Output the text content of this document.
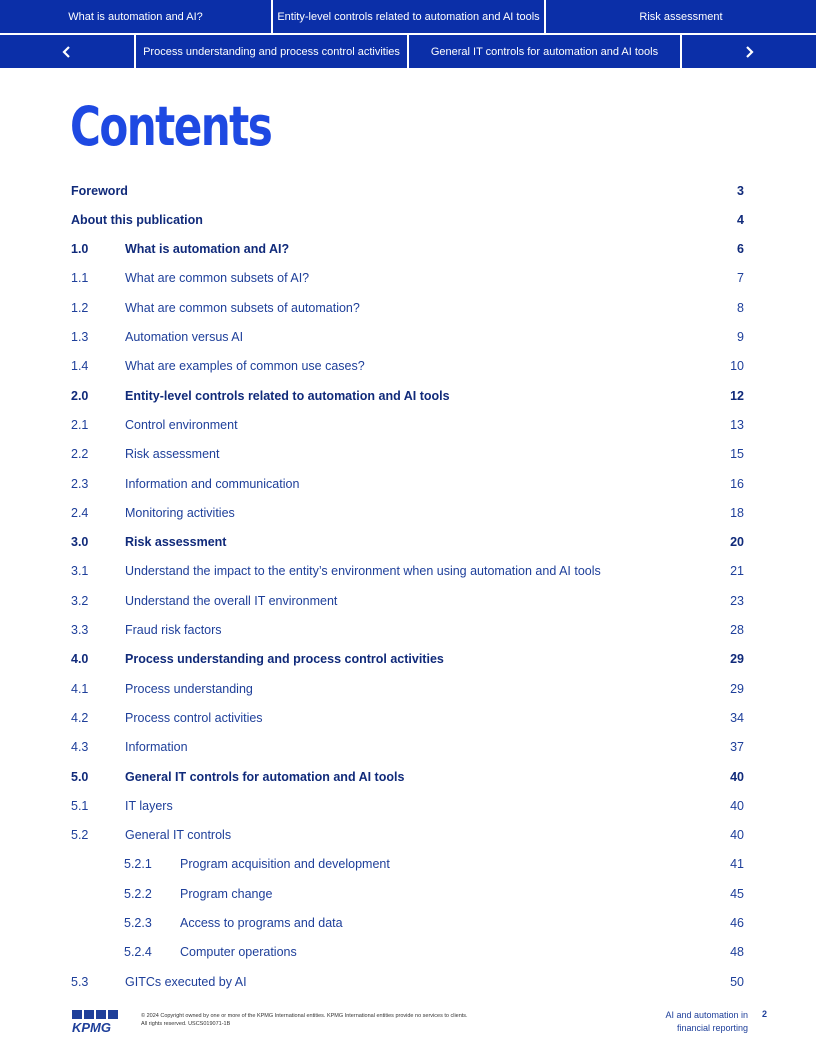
What is automation and AI?	Entity-level controls related to automation and AI tools	Risk assessment
Process understanding and process control activities	General IT controls for automation and AI tools
Contents
Foreword	3
About this publication	4
1.0	What is automation and AI?	6
1.1	What are common subsets of AI?	7
1.2	What are common subsets of automation?	8
1.3	Automation versus AI	9
1.4	What are examples of common use cases?	10
2.0	Entity-level controls related to automation and AI tools	12
2.1	Control environment	13
2.2	Risk assessment	15
2.3	Information and communication	16
2.4	Monitoring activities	18
3.0	Risk assessment	20
3.1	Understand the impact to the entity’s environment when using automation and AI tools	21
3.2	Understand the overall IT environment	23
3.3	Fraud risk factors	28
4.0	Process understanding and process control activities	29
4.1	Process understanding	29
4.2	Process control activities	34
4.3	Information	37
5.0	General IT controls for automation and AI tools	40
5.1	IT layers	40
5.2	General IT controls	40
5.2.1 Program acquisition and development	41
5.2.2 Program change	45
5.2.3 Access to programs and data	46
5.2.4 Computer operations	48
5.3	GITCs executed by AI	50
KPMG
© 2024 Copyright owned by one or more of the KPMG International entities. KPMG International entities provide no services to clients.
All rights reserved. USCS019071-1B
AI and automation in
financial reporting
2
